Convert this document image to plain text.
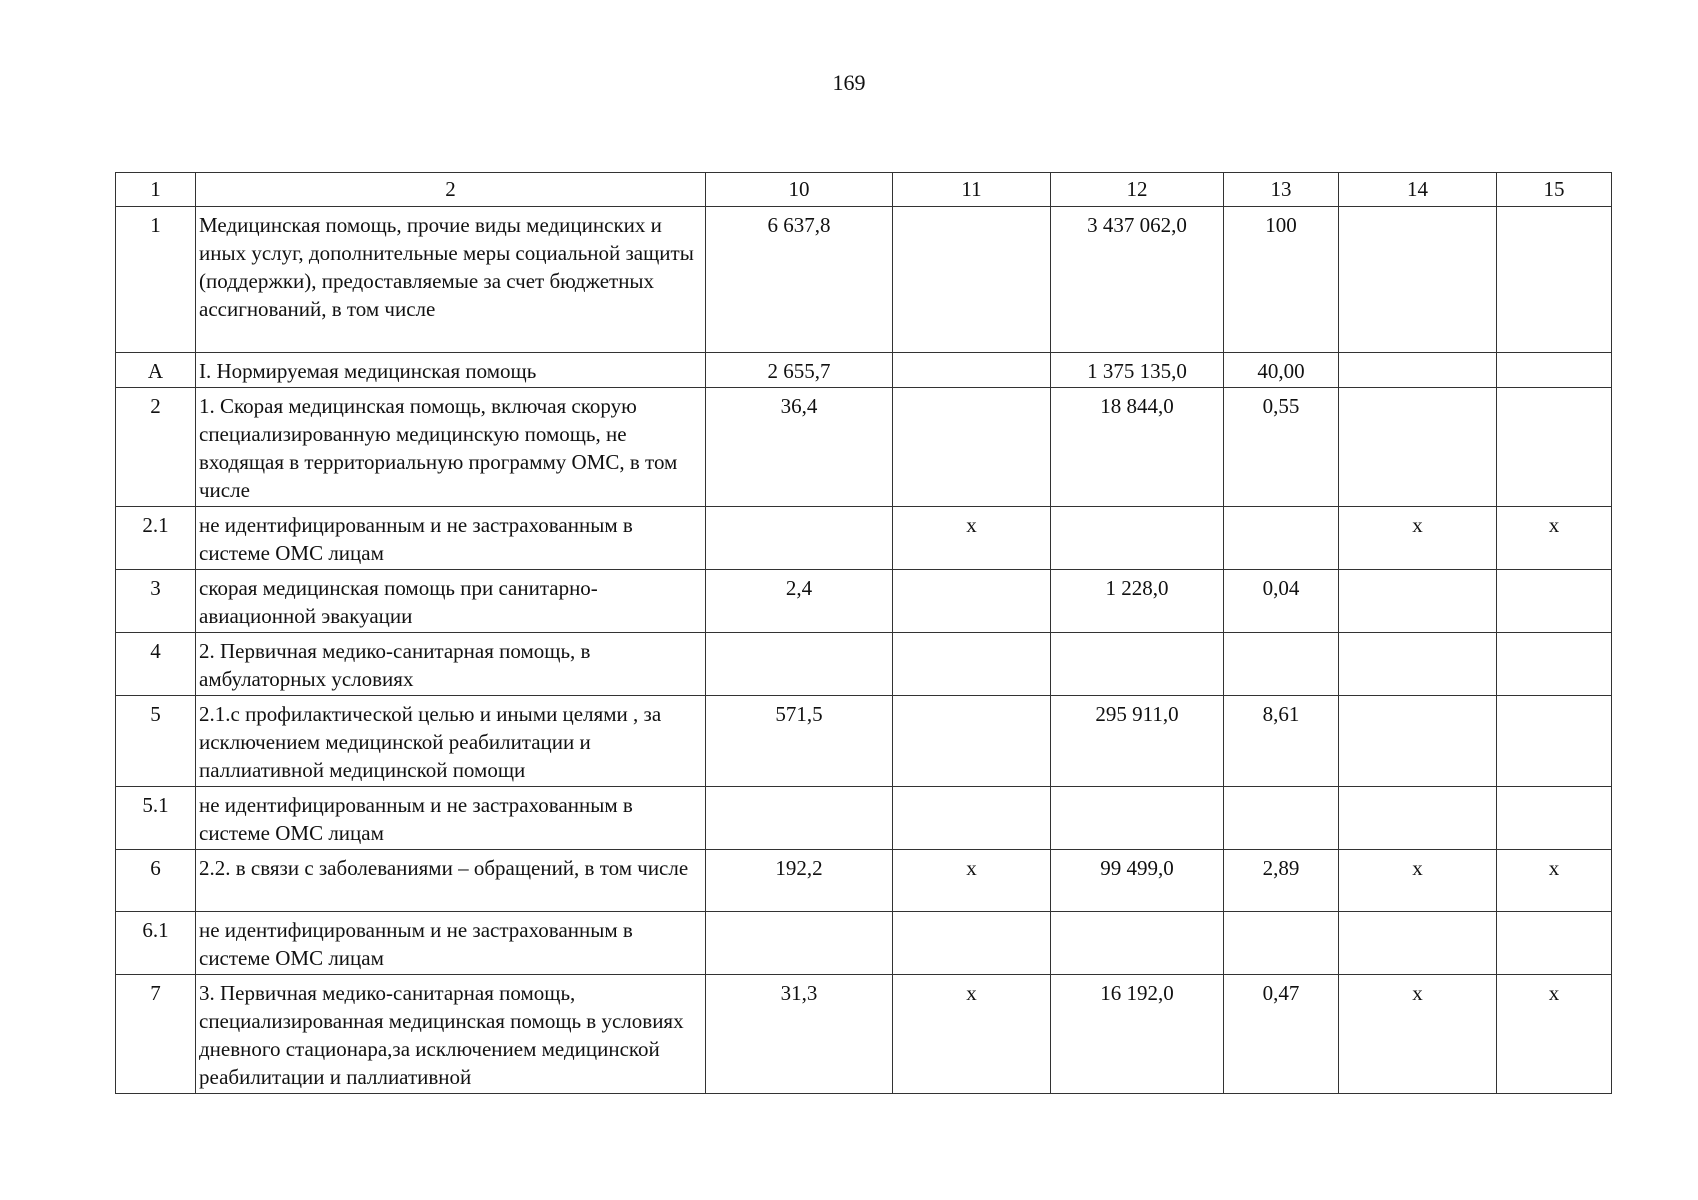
169
1	2	10	11	12	13	14	15
1	Медицинская помощь, прочие виды медицинских и иных услуг, дополнительные меры социальной защиты (поддержки), предоставляемые за счет бюджетных ассигнований, в том числе	6 637,8		3 437 062,0	100		
А	I. Нормируемая медицинская помощь	2 655,7		1 375 135,0	40,00		
2	1. Скорая медицинская помощь, включая скорую специализированную медицинскую помощь, не входящая в территориальную программу ОМС, в том числе	36,4		18 844,0	0,55		
2.1	не идентифицированным и не застрахованным в системе ОМС лицам		х			х	х
3	скорая медицинская помощь при санитарно-авиационной эвакуации	2,4		1 228,0	0,04		
4	2. Первичная медико-санитарная помощь, в амбулаторных условиях						
5	2.1.с профилактической целью и иными целями , за исключением медицинской реабилитации и паллиативной медицинской помощи	571,5		295 911,0	8,61		
5.1	не идентифицированным и не застрахованным в системе ОМС лицам						
6	2.2. в связи с заболеваниями – обращений, в том числе	192,2	х	99 499,0	2,89	х	х
6.1	не идентифицированным и не застрахованным в системе ОМС лицам						
7	3. Первичная медико-санитарная помощь, специализированная медицинская помощь в условиях дневного стационара,за исключением медицинской реабилитации и паллиативной	31,3	х	16 192,0	0,47	х	х
